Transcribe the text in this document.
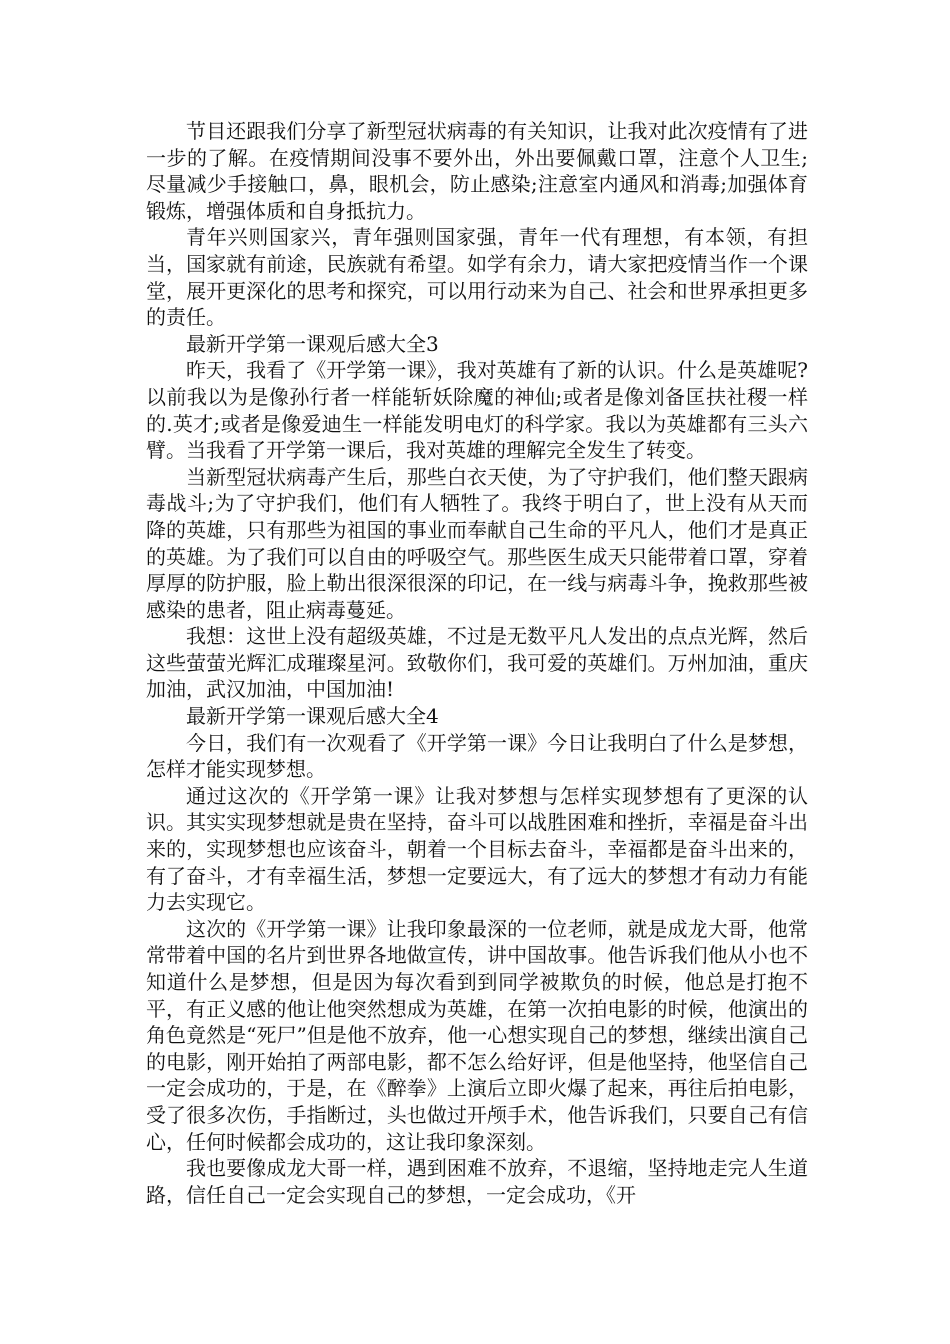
节目还跟我们分享了新型冠状病毒的有关知识，让我对此次疫情有了进一步的了解。在疫情期间没事不要外出，外出要佩戴口罩，注意个人卫生;尽量减少手接触口，鼻，眼机会，防止感染;注意室内通风和消毒;加强体育锻炼，增强体质和自身抵抗力。

青年兴则国家兴，青年强则国家强，青年一代有理想，有本领，有担当，国家就有前途，民族就有希望。如学有余力，请大家把疫情当作一个课堂，展开更深化的思考和探究，可以用行动来为自己、社会和世界承担更多的责任。

最新开学第一课观后感大全3

昨天，我看了《开学第一课》，我对英雄有了新的认识。什么是英雄呢?以前我以为是像孙行者一样能斩妖除魔的神仙;或者是像刘备匡扶社稷一样的.英才;或者是像爱迪生一样能发明电灯的科学家。我以为英雄都有三头六臂。当我看了开学第一课后，我对英雄的理解完全发生了转变。

当新型冠状病毒产生后，那些白衣天使，为了守护我们，他们整天跟病毒战斗;为了守护我们，他们有人牺牲了。我终于明白了，世上没有从天而降的英雄，只有那些为祖国的事业而奉献自己生命的平凡人，他们才是真正的英雄。为了我们可以自由的呼吸空气。那些医生成天只能带着口罩，穿着厚厚的防护服，脸上勒出很深很深的印记，在一线与病毒斗争，挽救那些被感染的患者，阻止病毒蔓延。

我想：这世上没有超级英雄，不过是无数平凡人发出的点点光辉，然后这些萤萤光辉汇成璀璨星河。致敬你们，我可爱的英雄们。万州加油，重庆加油，武汉加油，中国加油!

最新开学第一课观后感大全4

今日，我们有一次观看了《开学第一课》今日让我明白了什么是梦想，怎样才能实现梦想。

通过这次的《开学第一课》让我对梦想与怎样实现梦想有了更深的认识。其实实现梦想就是贵在坚持，奋斗可以战胜困难和挫折，幸福是奋斗出来的，实现梦想也应该奋斗，朝着一个目标去奋斗，幸福都是奋斗出来的，有了奋斗，才有幸福生活，梦想一定要远大，有了远大的梦想才有动力有能力去实现它。

这次的《开学第一课》让我印象最深的一位老师，就是成龙大哥，他常常带着中国的名片到世界各地做宣传，讲中国故事。他告诉我们他从小也不知道什么是梦想，但是因为每次看到到同学被欺负的时候，他总是打抱不平，有正义感的他让他突然想成为英雄，在第一次拍电影的时候，他演出的角色竟然是“死尸”但是他不放弃，他一心想实现自己的梦想，继续出演自己的电影，刚开始拍了两部电影，都不怎么给好评，但是他坚持，他坚信自己一定会成功的，于是，在《醉拳》上演后立即火爆了起来，再往后拍电影，受了很多次伤，手指断过，头也做过开颅手术，他告诉我们，只要自己有信心，任何时候都会成功的，这让我印象深刻。

我也要像成龙大哥一样，遇到困难不放弃，不退缩，坚持地走完人生道路，信任自己一定会实现自己的梦想，一定会成功，《开
